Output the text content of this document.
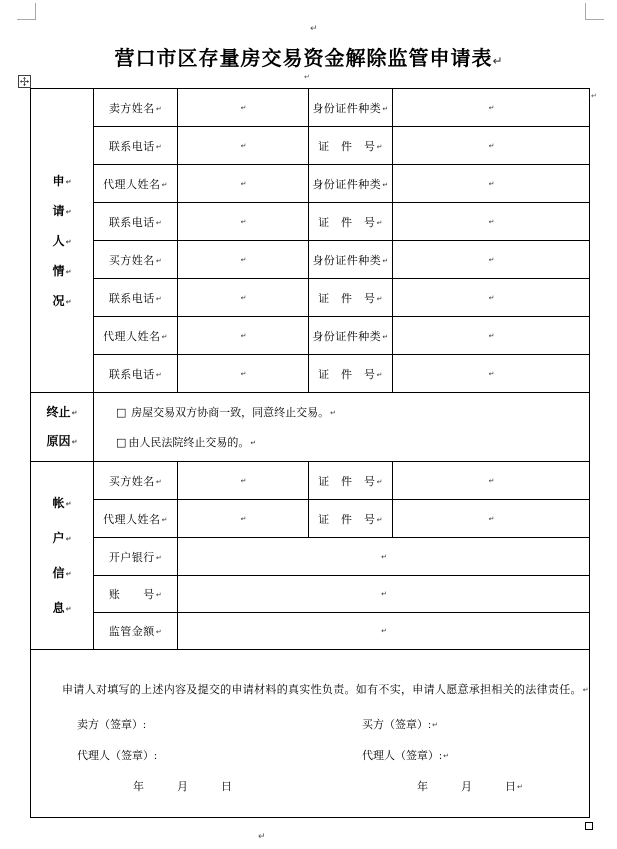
↵
营口市区存量房交易资金解除监管申请表↵
↵
↵
申↵
请↵
人↵
情↵
况↵	卖方姓名↵	↵	身份证件种类↵	↵
	联系电话↵	↵	证　件　号↵	↵
	代理人姓名↵	↵	身份证件种类↵	↵
	联系电话↵	↵	证　件　号↵	↵
	买方姓名↵	↵	身份证件种类↵	↵
	联系电话↵	↵	证　件　号↵	↵
	代理人姓名↵	↵	身份证件种类↵	↵
	联系电话↵	↵	证　件　号↵	↵

终止↵
原因↵

□ 房屋交易双方协商一致，同意终止交易。↵
□ 由人民法院终止交易的。↵

帐↵
户↵
信↵
息↵	买方姓名↵	↵	证　件　号↵	↵
	代理人姓名↵	↵	证　件　号↵	↵
	开户银行↵	↵		
	账　　号↵	↵		
	监管金额↵	↵		

申请人对填写的上述内容及提交的申请材料的真实性负责。如有不实，申请人愿意承担相关的法律责任。↵
卖方（签章）:	买方（签章）:↵
代理人（签章）:	代理人（签章）:↵
年　　　月　　　日	年　　　月　　　日↵
↵
